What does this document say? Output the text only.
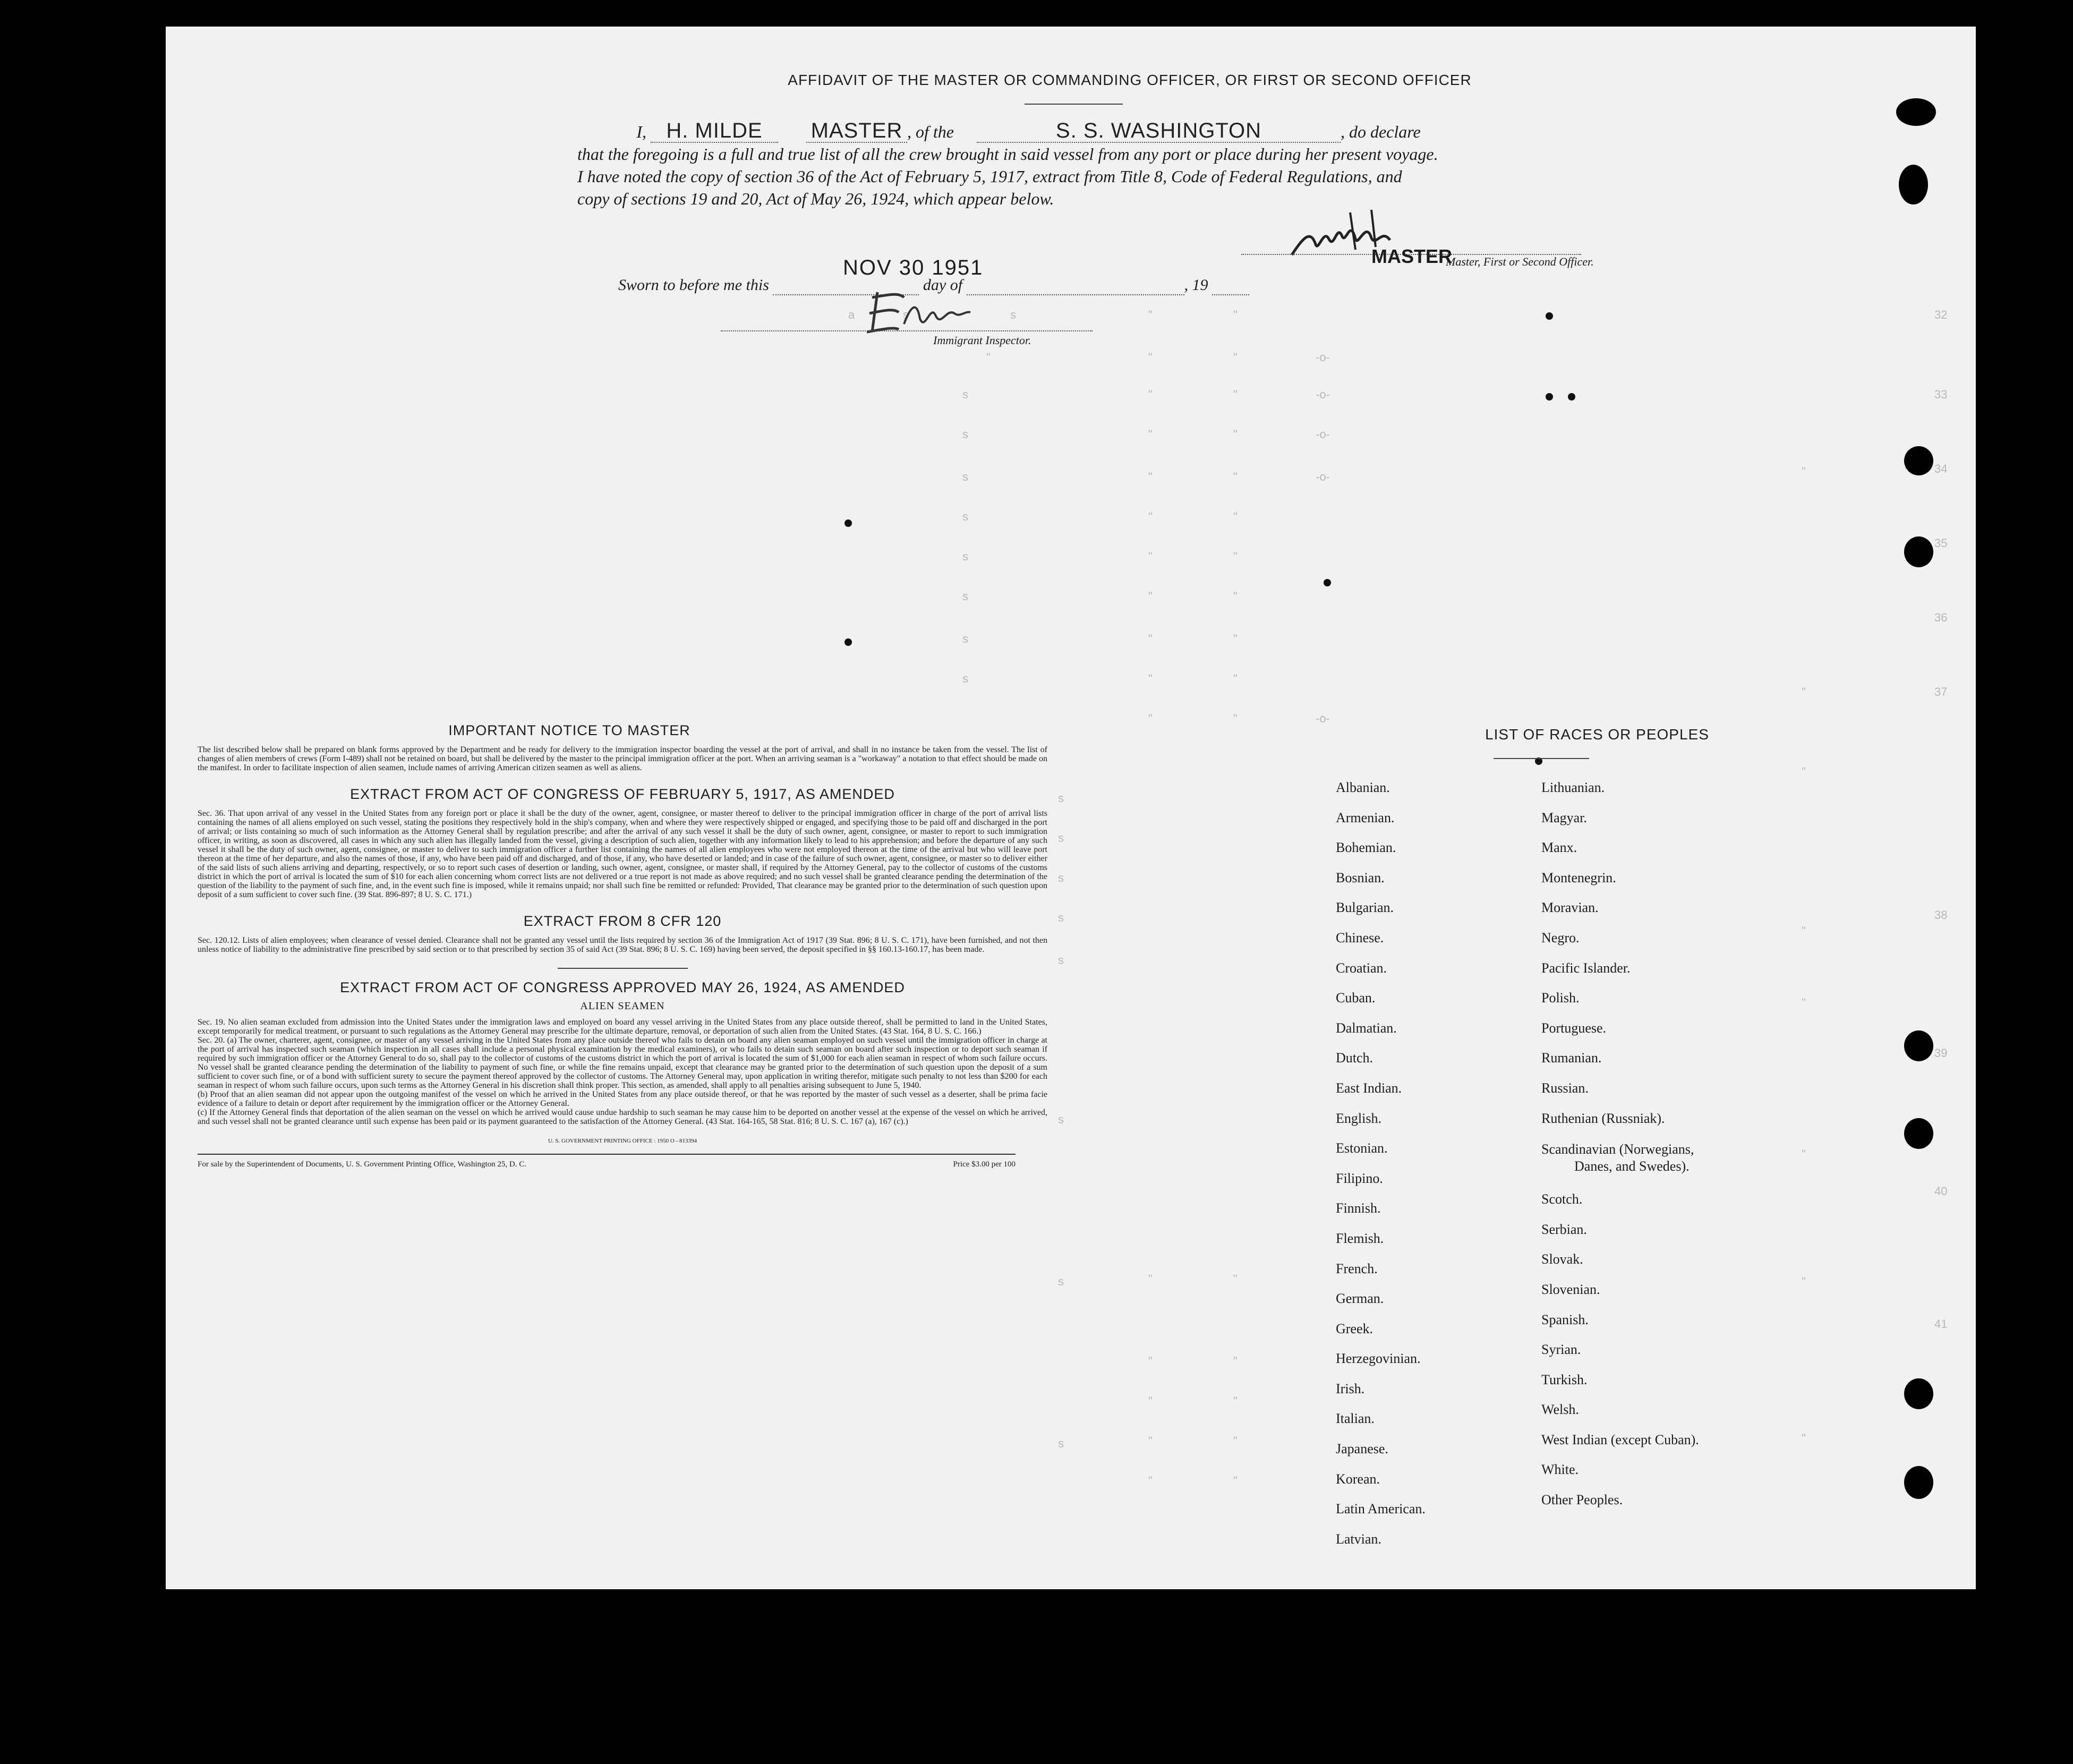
a	s	s	"	"
"	"	"	-o-
s	"	"	-o-
s	"	"	-o-
s	"	"	-o-
s	"	"
s	"	"
s	"	"
s	"	"
s	"	"
-o-
"	"
s
s
s
s
s
s
s
s
"	"
"	"
"	"
"	"
"	"
"
"
"
"
"
"
"
"
32
33
34
35
36
37
38
39
40
41
AFFIDAVIT OF THE MASTER OR COMMANDING OFFICER, OR FIRST OR SECOND OFFICER
I, H. MILDE MASTER , of the	S. S. WASHINGTON	, do declare
that the foregoing is a full and true list of all the crew brought in said vessel from any port or place during her present voyage.
I have noted the copy of section 36 of the Act of February 5, 1917, extract from Title 8, Code of Federal Regulations, and
copy of sections 19 and 20, Act of May 26, 1924, which appear below.
MASTER
Master, First or Second Officer.
NOV 30 1951
Sworn to before me this	day of	, 19
Immigrant Inspector.
IMPORTANT NOTICE TO MASTER
The list described below shall be prepared on blank forms approved by the Department and be ready for delivery to the immigration inspector boarding the vessel at the port of arrival, and shall in no instance be taken from the vessel. The list of changes of alien members of crews (Form I-489) shall not be retained on board, but shall be delivered by the master to the principal immigration officer at the port. When an arriving seaman is a "workaway" a notation to that effect should be made on the manifest. In order to facilitate inspection of alien seamen, include names of arriving American citizen seamen as well as aliens.
EXTRACT FROM ACT OF CONGRESS OF FEBRUARY 5, 1917, AS AMENDED
Sec. 36. That upon arrival of any vessel in the United States from any foreign port or place it shall be the duty of the owner, agent, consignee, or master thereof to deliver to the principal immigration officer in charge of the port of arrival lists containing the names of all aliens employed on such vessel, stating the positions they respectively hold in the ship's company, when and where they were respectively shipped or engaged, and specifying those to be paid off and discharged in the port of arrival; or lists containing so much of such information as the Attorney General shall by regulation prescribe; and after the arrival of any such vessel it shall be the duty of such owner, agent, consignee, or master to report to such immigration officer, in writing, as soon as discovered, all cases in which any such alien has illegally landed from the vessel, giving a description of such alien, together with any information likely to lead to his apprehension; and before the departure of any such vessel it shall be the duty of such owner, agent, consignee, or master to deliver to such immigration officer a further list containing the names of all alien employees who were not employed thereon at the time of the arrival but who will leave port thereon at the time of her departure, and also the names of those, if any, who have been paid off and discharged, and of those, if any, who have deserted or landed; and in case of the failure of such owner, agent, consignee, or master so to deliver either of the said lists of such aliens arriving and departing, respectively, or so to report such cases of desertion or landing, such owner, agent, consignee, or master shall, if required by the Attorney General, pay to the collector of customs of the customs district in which the port of arrival is located the sum of $10 for each alien concerning whom correct lists are not delivered or a true report is not made as above required; and no such vessel shall be granted clearance pending the determination of the question of the liability to the payment of such fine, and, in the event such fine is imposed, while it remains unpaid; nor shall such fine be remitted or refunded: Provided, That clearance may be granted prior to the determination of such question upon deposit of a sum sufficient to cover such fine. (39 Stat. 896-897; 8 U. S. C. 171.)
EXTRACT FROM 8 CFR 120
Sec. 120.12. Lists of alien employees; when clearance of vessel denied. Clearance shall not be granted any vessel until the lists required by section 36 of the Immigration Act of 1917 (39 Stat. 896; 8 U. S. C. 171), have been furnished, and not then unless notice of liability to the administrative fine prescribed by said section or to that prescribed by section 35 of said Act (39 Stat. 896; 8 U. S. C. 169) having been served, the deposit specified in §§ 160.13-160.17, has been made.
EXTRACT FROM ACT OF CONGRESS APPROVED MAY 26, 1924, AS AMENDED
ALIEN SEAMEN
Sec. 19. No alien seaman excluded from admission into the United States under the immigration laws and employed on board any vessel arriving in the United States from any place outside thereof, shall be permitted to land in the United States, except temporarily for medical treatment, or pursuant to such regulations as the Attorney General may prescribe for the ultimate departure, removal, or deportation of such alien from the United States. (43 Stat. 164, 8 U. S. C. 166.)
Sec. 20. (a) The owner, charterer, agent, consignee, or master of any vessel arriving in the United States from any place outside thereof who fails to detain on board any alien seaman employed on such vessel until the immigration officer in charge at the port of arrival has inspected such seaman (which inspection in all cases shall include a personal physical examination by the medical examiners), or who fails to detain such seaman on board after such inspection or to deport such seaman if required by such immigration officer or the Attorney General to do so, shall pay to the collector of customs of the customs district in which the port of arrival is located the sum of $1,000 for each alien seaman in respect of whom such failure occurs. No vessel shall be granted clearance pending the determination of the liability to payment of such fine, or while the fine remains unpaid, except that clearance may be granted prior to the determination of such question upon the deposit of a sum sufficient to cover such fine, or of a bond with sufficient surety to secure the payment thereof approved by the collector of customs. The Attorney General may, upon application in writing therefor, mitigate such penalty to not less than $200 for each seaman in respect of whom such failure occurs, upon such terms as the Attorney General in his discretion shall think proper. This section, as amended, shall apply to all penalties arising subsequent to June 5, 1940.
(b) Proof that an alien seaman did not appear upon the outgoing manifest of the vessel on which he arrived in the United States from any place outside thereof, or that he was reported by the master of such vessel as a deserter, shall be prima facie evidence of a failure to detain or deport after requirement by the immigration officer or the Attorney General.
(c) If the Attorney General finds that deportation of the alien seaman on the vessel on which he arrived would cause undue hardship to such seaman he may cause him to be deported on another vessel at the expense of the vessel on which he arrived, and such vessel shall not be granted clearance until such expense has been paid or its payment guaranteed to the satisfaction of the Attorney General. (43 Stat. 164-165, 58 Stat. 816; 8 U. S. C. 167 (a), 167 (c).)
U. S. GOVERNMENT PRINTING OFFICE : 1950 O - 813394
For sale by the Superintendent of Documents, U. S. Government Printing Office, Washington 25, D. C.	Price $3.00 per 100
LIST OF RACES OR PEOPLES
Albanian.
Armenian.
Bohemian.
Bosnian.
Bulgarian.
Chinese.
Croatian.
Cuban.
Dalmatian.
Dutch.
East Indian.
English.
Estonian.
Filipino.
Finnish.
Flemish.
French.
German.
Greek.
Herzegovinian.
Irish.
Italian.
Japanese.
Korean.
Latin American.
Latvian.
Lithuanian.
Magyar.
Manx.
Montenegrin.
Moravian.
Negro.
Pacific Islander.
Polish.
Portuguese.
Rumanian.
Russian.
Ruthenian (Russniak).
Scandinavian (Norwegians,
Danes, and Swedes).
Scotch.
Serbian.
Slovak.
Slovenian.
Spanish.
Syrian.
Turkish.
Welsh.
West Indian (except Cuban).
White.
Other Peoples.
